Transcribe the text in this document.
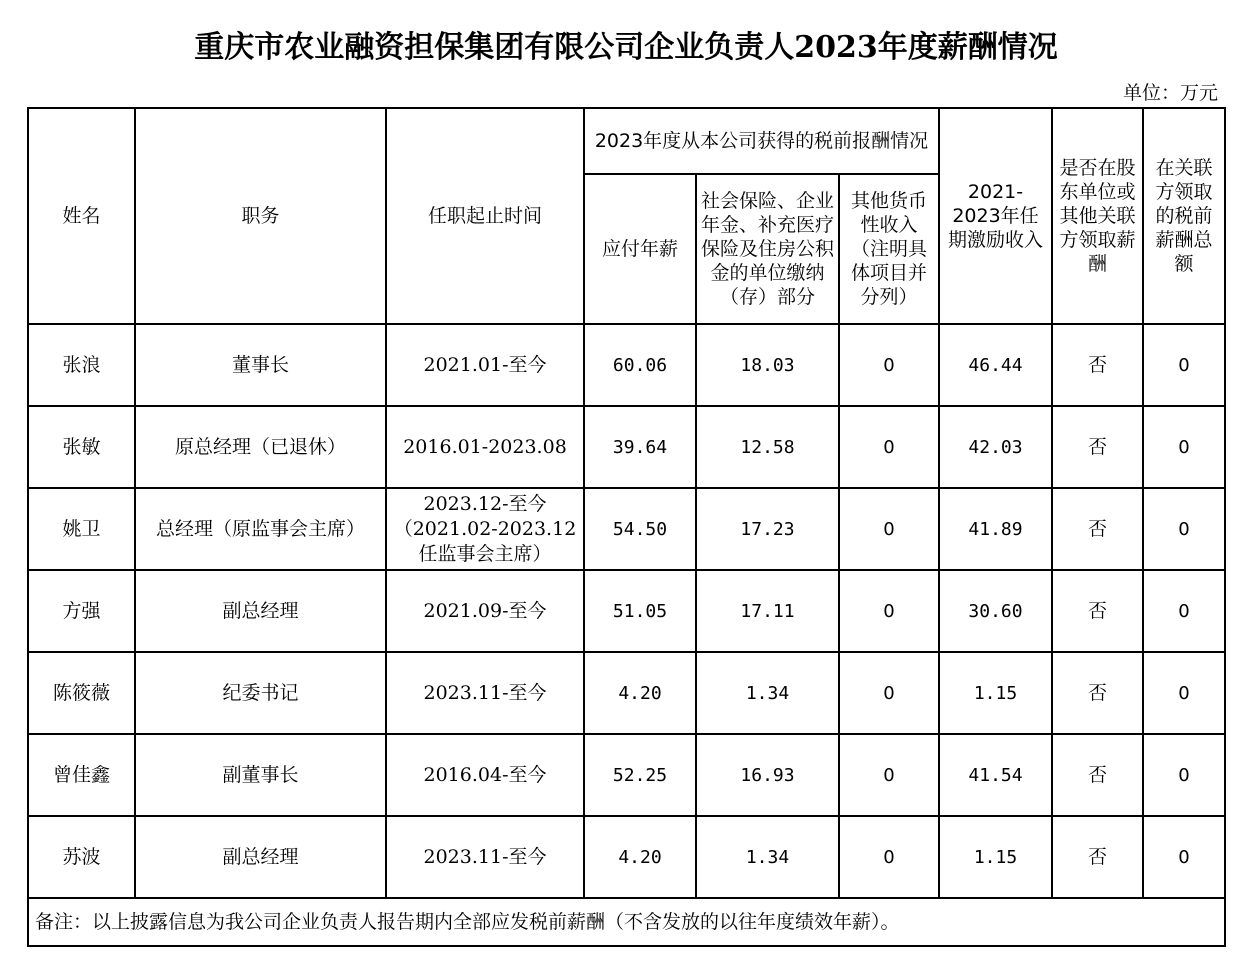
重庆市农业融资担保集团有限公司企业负责人2023年度薪酬情况
单位：万元
姓名	职务	任职起止时间	2023年度从本公司获得的税前报酬情况			2021-2023年任期激励收入	是否在股东单位或其他关联方领取薪酬	在关联方领取的税前薪酬总额
			应付年薪	社会保险、企业年金、补充医疗保险及住房公积金的单位缴纳（存）部分	其他货币性收入（注明具体项目并分列）			
张浪	董事长	2021.01-至今	60.06	18.03	0	46.44	否	0
张敏	原总经理（已退休）	2016.01-2023.08	39.64	12.58	0	42.03	否	0
姚卫	总经理（原监事会主席）	2023.12-至今（2021.02-2023.12任监事会主席）	54.50	17.23	0	41.89	否	0
方强	副总经理	2021.09-至今	51.05	17.11	0	30.60	否	0
陈筱薇	纪委书记	2023.11-至今	4.20	1.34	0	1.15	否	0
曾佳鑫	副董事长	2016.04-至今	52.25	16.93	0	41.54	否	0
苏波	副总经理	2023.11-至今	4.20	1.34	0	1.15	否	0
备注：以上披露信息为我公司企业负责人报告期内全部应发税前薪酬（不含发放的以往年度绩效年薪）。								
